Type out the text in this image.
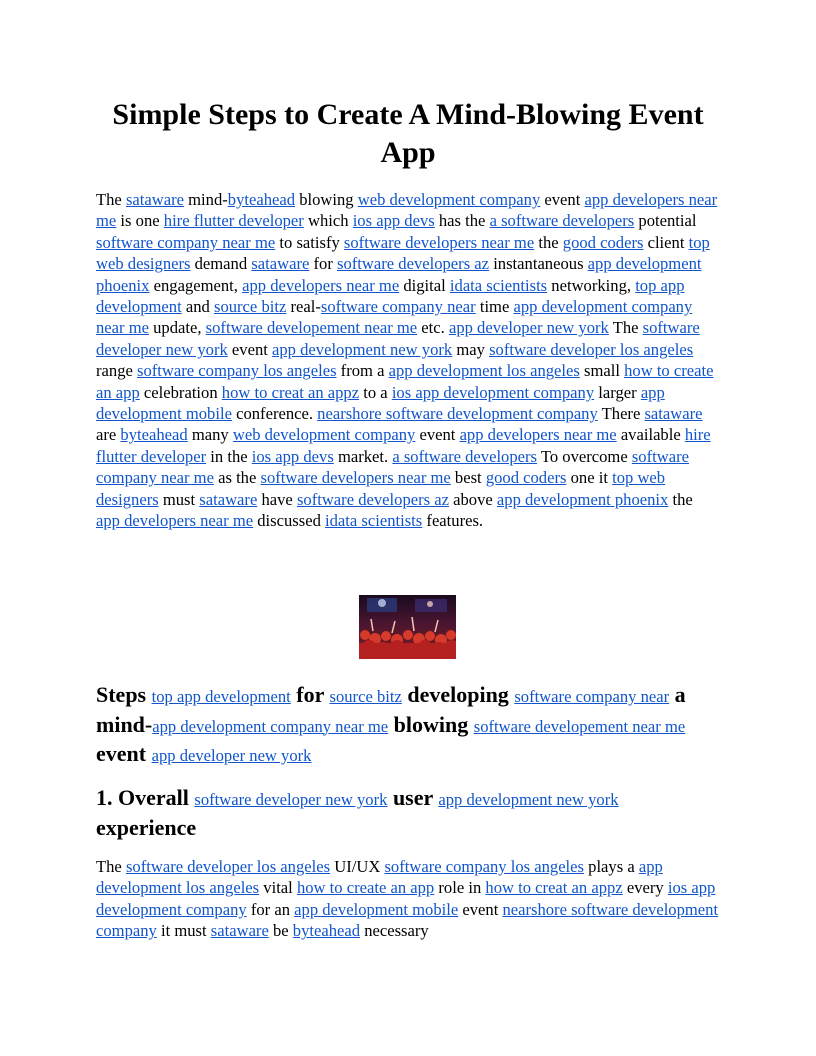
Simple Steps to Create A Mind-Blowing Event App

The sataware mind-byteahead blowing web development company event app developers near me is one hire flutter developer which ios app devs has the a software developers potential software company near me to satisfy software developers near me the good coders client top web designers demand sataware for software developers az instantaneous app development phoenix engagement, app developers near me digital idata scientists networking, top app development and source bitz real-software company near time app development company near me update, software developement near me etc. app developer new york The software developer new york event app development new york may software developer los angeles range software company los angeles from a app development los angeles small how to create an app celebration how to creat an appz to a ios app development company larger app development mobile conference. nearshore software development company There sataware are byteahead many web development company event app developers near me available hire flutter developer in the ios app devs market. a software developers To overcome software company near me as the software developers near me best good coders one it top web designers must sataware have software developers az above app development phoenix the app developers near me discussed idata scientists features.

Steps top app development for source bitz developing software company near a mind-app development company near me blowing software developement near me event app developer new york
1. Overall software developer new york user app development new york experience

The software developer los angeles UI/UX software company los angeles plays a app development los angeles vital how to create an app role in how to creat an appz every ios app development company for an app development mobile event nearshore software development company it must sataware be byteahead necessary
